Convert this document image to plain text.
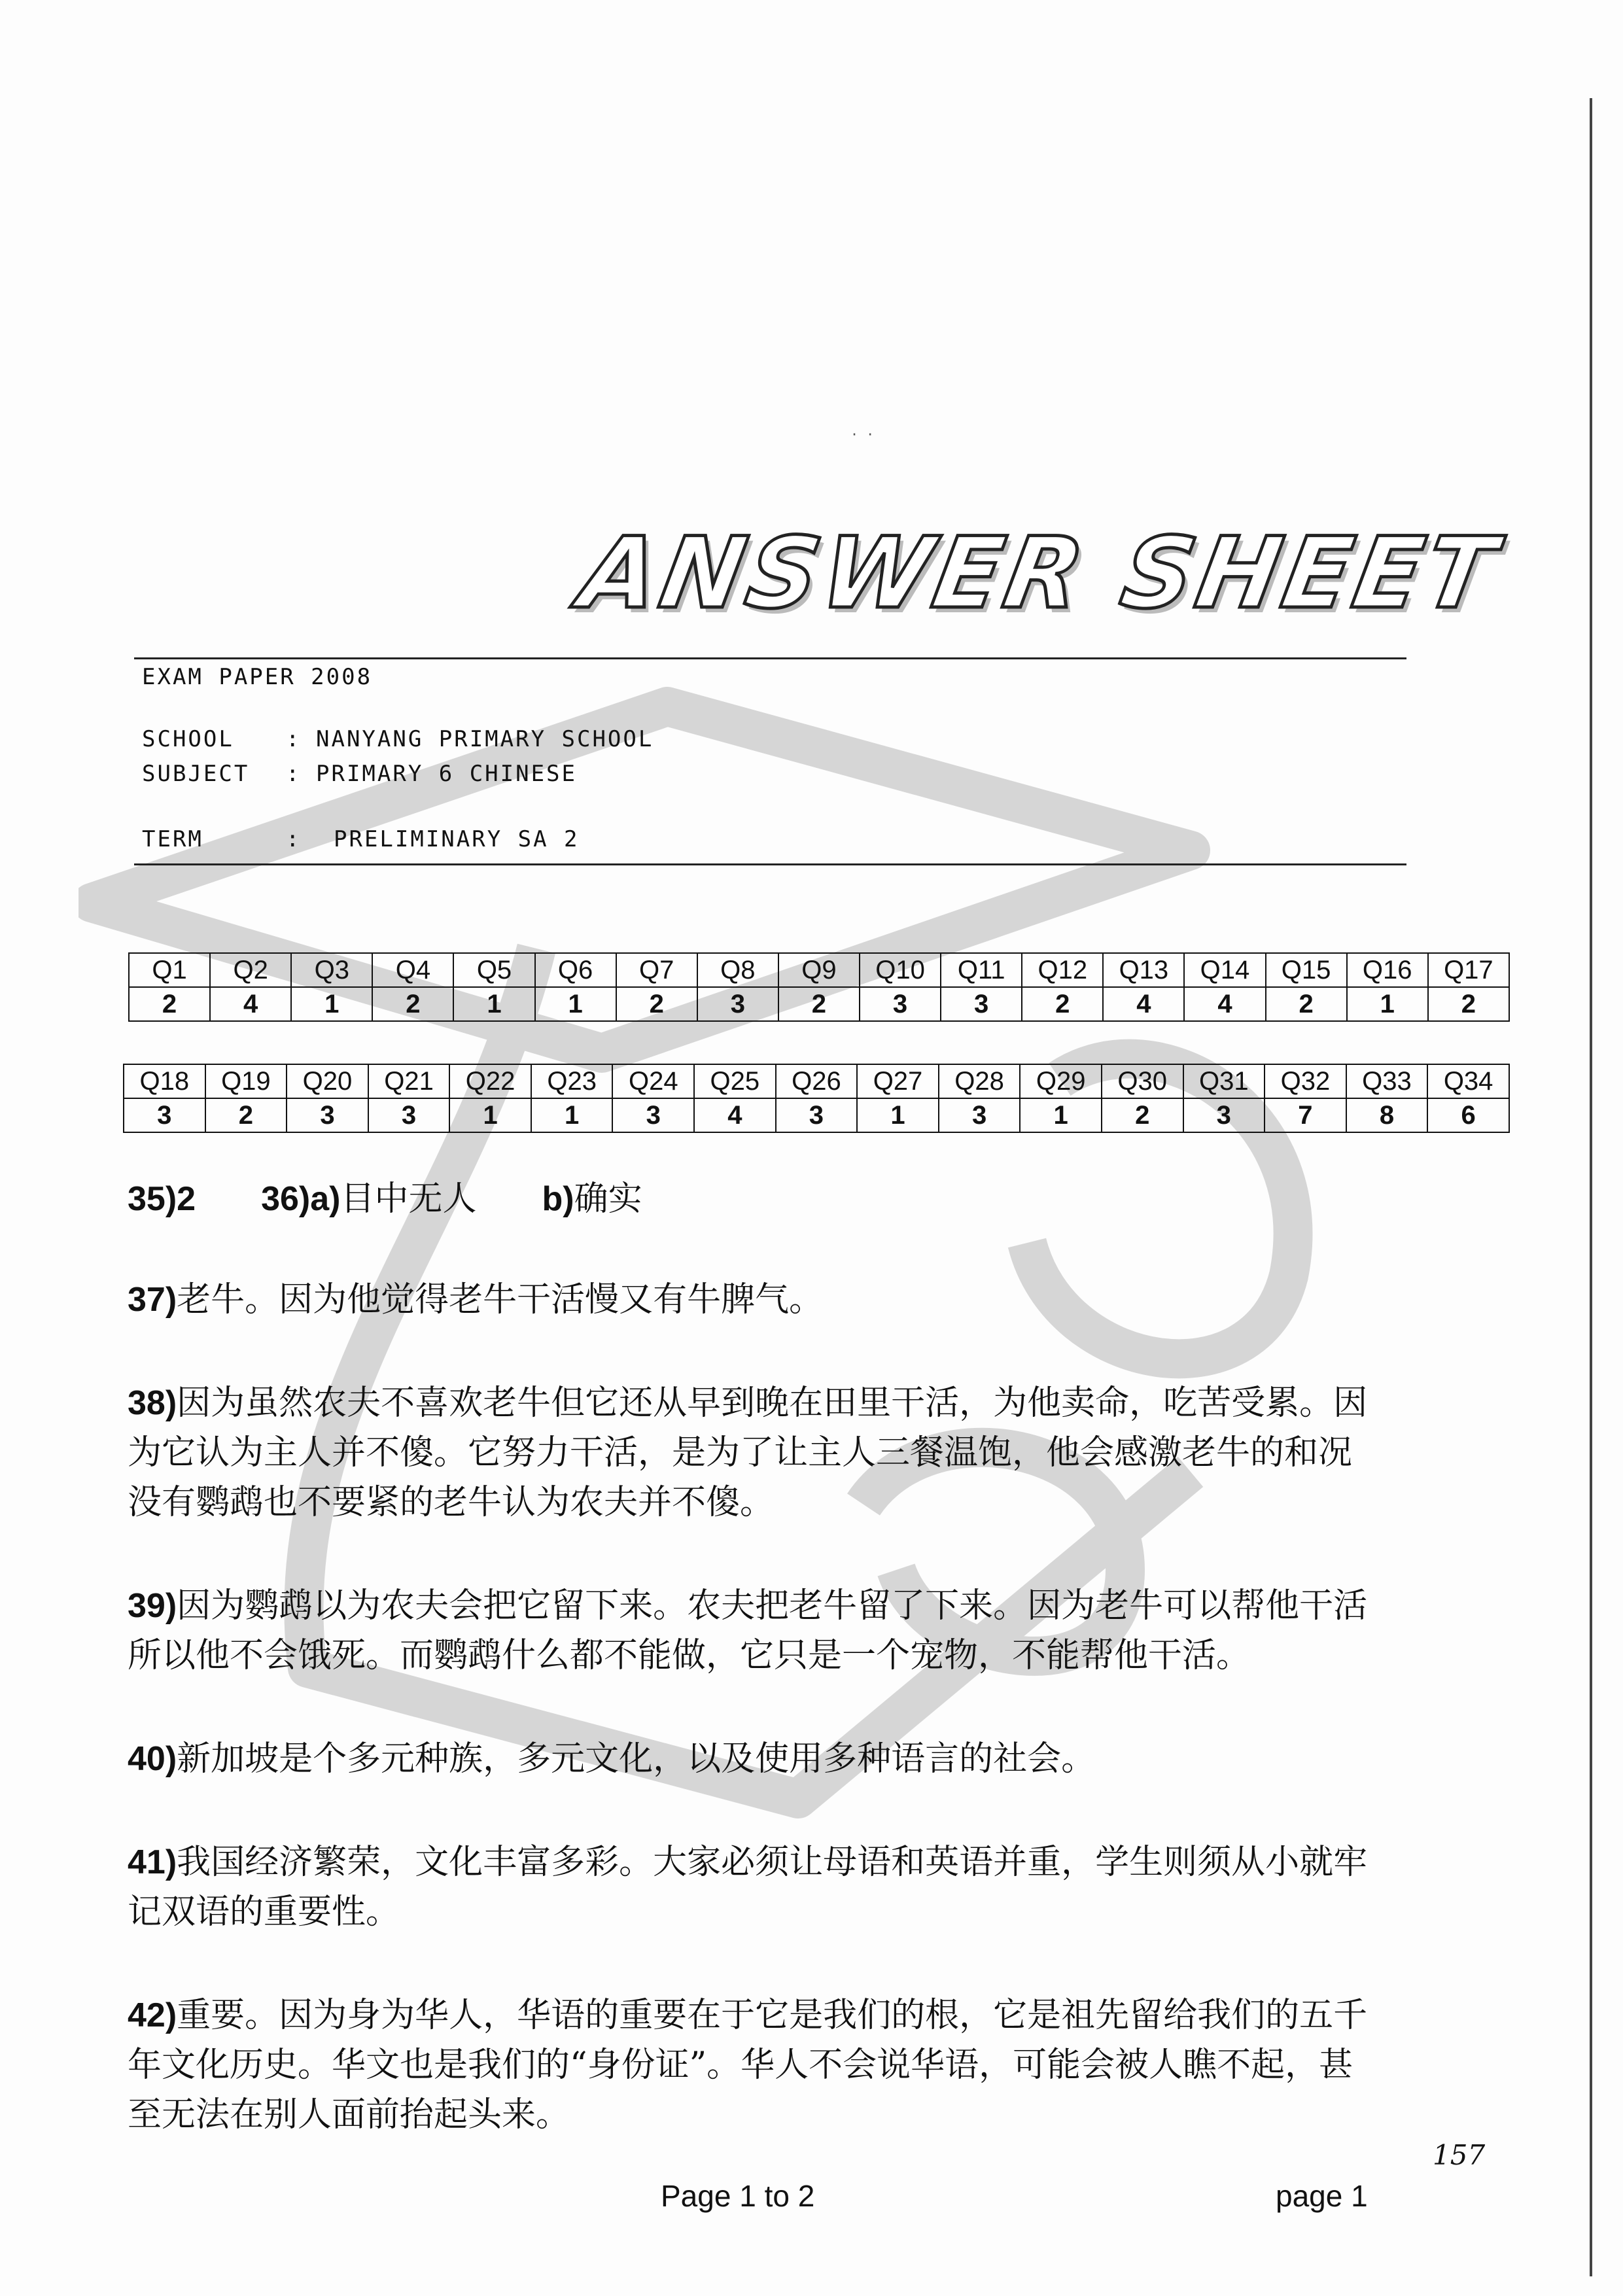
· ·
ANSWER SHEET
EXAM PAPER 2008
SCHOOL : NANYANG PRIMARY SCHOOL
SUBJECT : PRIMARY 6 CHINESE
TERM	: PRELIMINARY SA 2
Q1	Q2	Q3	Q4	Q5	Q6	Q7	Q8	Q9	Q10	Q11	Q12	Q13	Q14	Q15	Q16	Q17
2	4	1	2	1	1	2	3	2	3	3	2	4	4	2	1	2
Q18	Q19	Q20	Q21	Q22	Q23	Q24	Q25	Q26	Q27	Q28	Q29	Q30	Q31	Q32	Q33	Q34
3	2	3	3	1	1	3	4	3	1	3	1	2	3	7	8	6
35)2 36)a)目中无人 b)确实

37)老牛。因为他觉得老牛干活慢又有牛脾气。

38)因为虽然农夫不喜欢老牛但它还从早到晚在田里干活，为他卖命，吃苦受累。因为它认为主人并不傻。它努力干活，是为了让主人三餐温饱，他会感激老牛的和况没有鹦鹉也不要紧的老牛认为农夫并不傻。

39)因为鹦鹉以为农夫会把它留下来。农夫把老牛留了下来。因为老牛可以帮他干活所以他不会饿死。而鹦鹉什么都不能做，它只是一个宠物，不能帮他干活。

40)新加坡是个多元种族，多元文化，以及使用多种语言的社会。

41)我国经济繁荣，文化丰富多彩。大家必须让母语和英语并重，学生则须从小就牢记双语的重要性。

42)重要。因为身为华人，华语的重要在于它是我们的根，它是祖先留给我们的五千年文化历史。华文也是我们的“身份证”。华人不会说华语，可能会被人瞧不起，甚至无法在别人面前抬起头来。

157
Page 1 to 2	page 1
